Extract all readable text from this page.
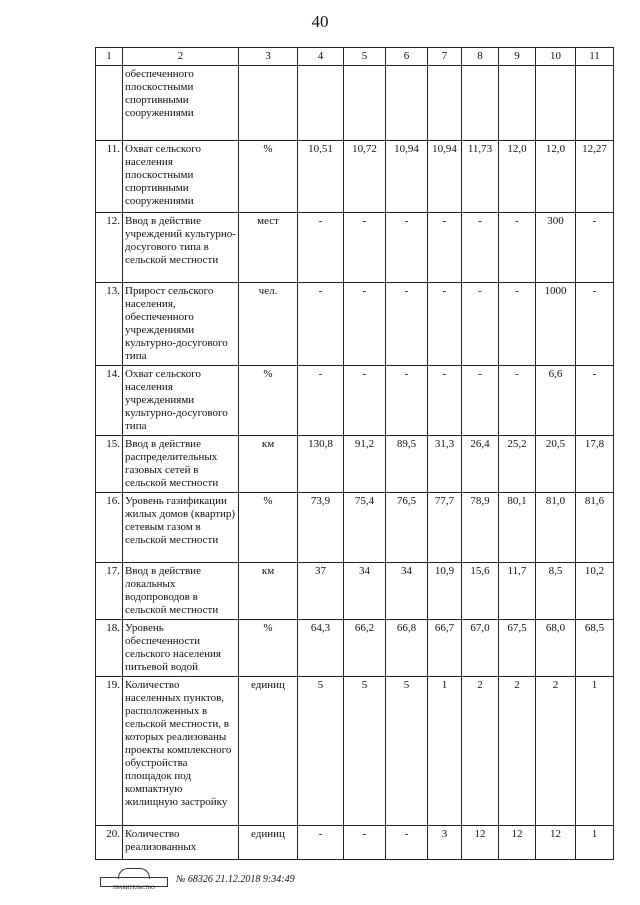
40
1	2	3	4	5	6	7	8	9	10	11
	обеспеченного плоскостными спортивными сооружениями									
11.	Охват сельского населения плоскостными спортивными сооружениями	%	10,51	10,72	10,94	10,94	11,73	12,0	12,0	12,27
12.	Ввод в действие учреждений культурно-досугового типа в сельской местности	мест	-	-	-	-	-	-	300	-
13.	Прирост сельского населения, обеспеченного учреждениями культурно-досугового типа	чел.	-	-	-	-	-	-	1000	-
14.	Охват сельского населения учреждениями культурно-досугового типа	%	-	-	-	-	-	-	6,6	-
15.	Ввод в действие распределительных газовых сетей в сельской местности	км	130,8	91,2	89,5	31,3	26,4	25,2	20,5	17,8
16.	Уровень газификации жилых домов (квартир) сетевым газом в сельской местности	%	73,9	75,4	76,5	77,7	78,9	80,1	81,0	81,6
17.	Ввод в действие локальных водопроводов в сельской местности	км	37	34	34	10,9	15,6	11,7	8,5	10,2
18.	Уровень обеспеченности сельского населения питьевой водой	%	64,3	66,2	66,8	66,7	67,0	67,5	68,0	68,5
19.	Количество населенных пунктов, расположенных в сельской местности, в которых реализованы проекты комплексного обустройства площадок под компактную жилищную застройку	единиц	5	5	5	1	2	2	2	1
20.	Количество реализованных	единиц	-	-	-	3	12	12	12	1
ПРАВИТЕЛЬСТВО
№ 68326 21.12.2018 9:34:49
